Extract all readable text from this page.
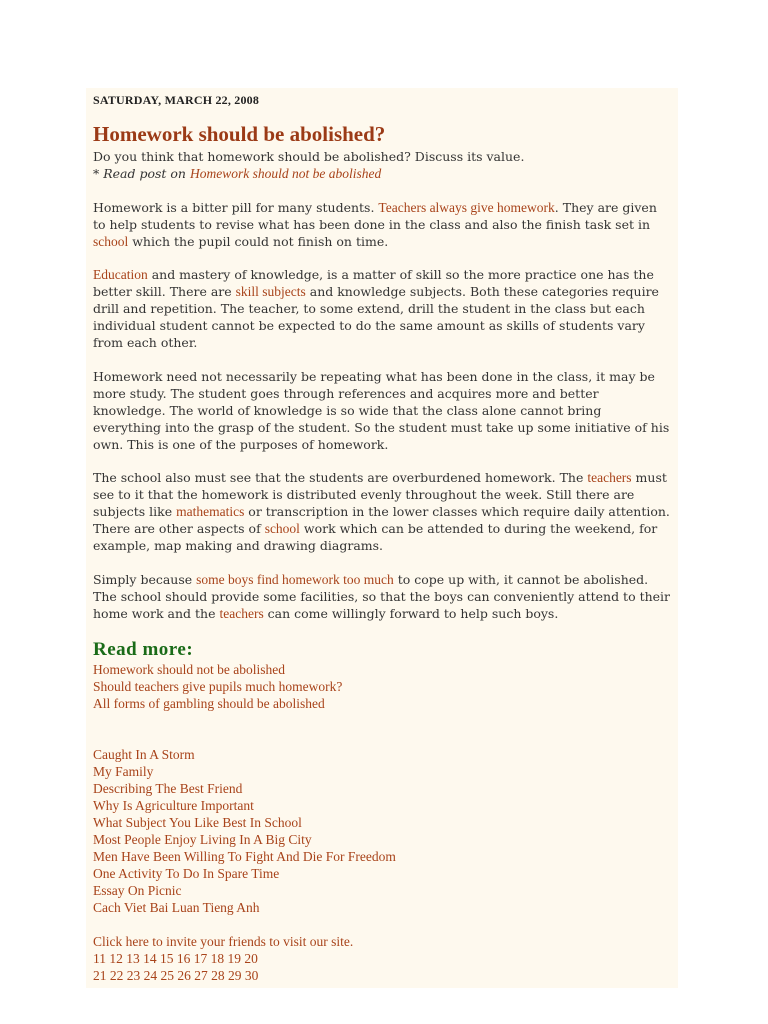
SATURDAY, MARCH 22, 2008
Homework should be abolished?
Do you think that homework should be abolished? Discuss its value.
* Read post on Homework should not be abolished
Homework is a bitter pill for many students. Teachers always give homework. They are given to help students to revise what has been done in the class and also the finish task set in school which the pupil could not finish on time.
Education and mastery of knowledge, is a matter of skill so the more practice one has the better skill. There are skill subjects and knowledge subjects. Both these categories require drill and repetition. The teacher, to some extend, drill the student in the class but each individual student cannot be expected to do the same amount as skills of students vary from each other.
Homework need not necessarily be repeating what has been done in the class, it may be more study. The student goes through references and acquires more and better knowledge. The world of knowledge is so wide that the class alone cannot bring everything into the grasp of the student. So the student must take up some initiative of his own. This is one of the purposes of homework.
The school also must see that the students are overburdened homework. The teachers must see to it that the homework is distributed evenly throughout the week. Still there are subjects like mathematics or transcription in the lower classes which require daily attention. There are other aspects of school work which can be attended to during the weekend, for example, map making and drawing diagrams.
Simply because some boys find homework too much to cope up with, it cannot be abolished. The school should provide some facilities, so that the boys can conveniently attend to their home work and the teachers can come willingly forward to help such boys.
Read more:
Homework should not be abolished
Should teachers give pupils much homework?
All forms of gambling should be abolished
Caught In A Storm
My Family
Describing The Best Friend
Why Is Agriculture Important
What Subject You Like Best In School
Most People Enjoy Living In A Big City
Men Have Been Willing To Fight And Die For Freedom
One Activity To Do In Spare Time
Essay On Picnic
Cach Viet Bai Luan Tieng Anh
Click here to invite your friends to visit our site.
11 12 13 14 15 16 17 18 19 20
21 22 23 24 25 26 27 28 29 30
